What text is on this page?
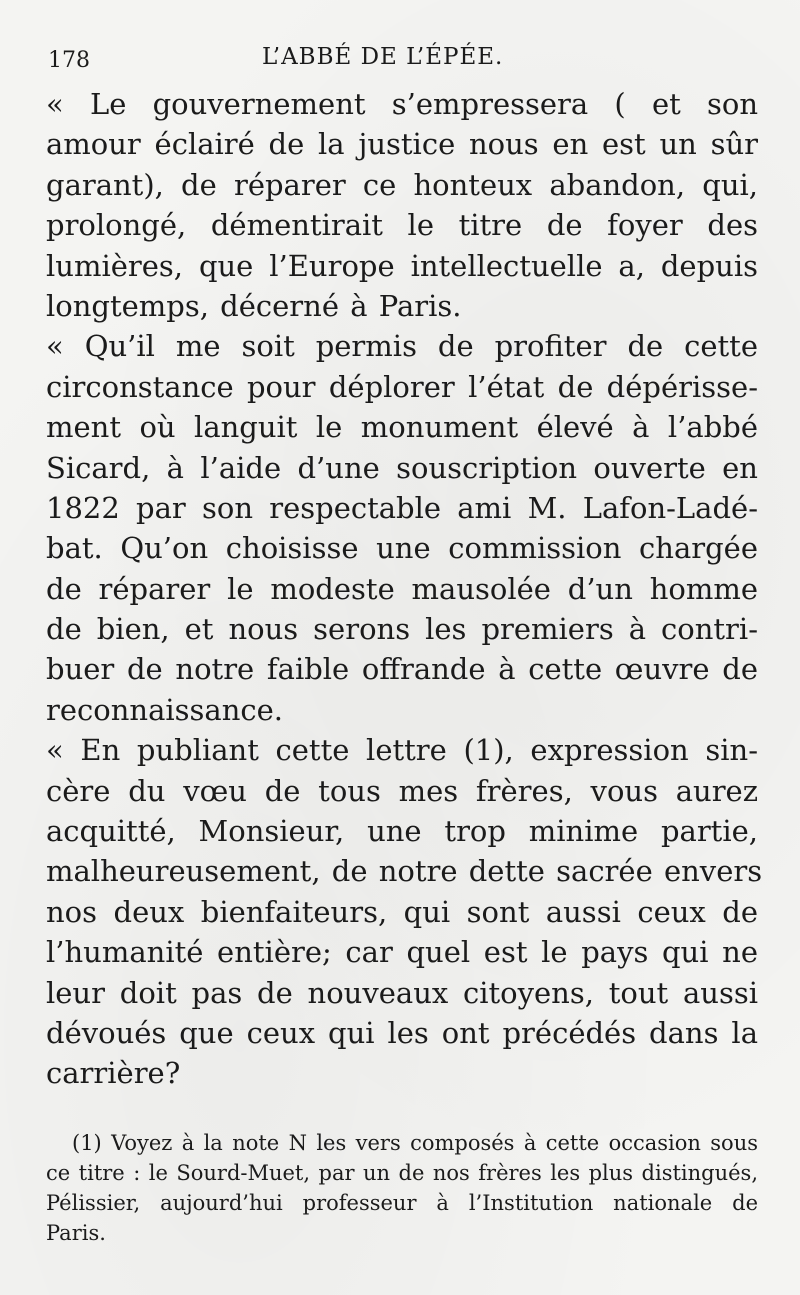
178	L’ABBÉ DE L’ÉPÉE.
« Le gouvernement s’empressera ( et son
amour éclairé de la justice nous en est un sûr
garant), de réparer ce honteux abandon, qui,
prolongé, démentirait le titre de foyer des
lumières, que l’Europe intellectuelle a, depuis
longtemps, décerné à Paris.
« Qu’il me soit permis de profiter de cette
circonstance pour déplorer l’état de dépérisse-
ment où languit le monument élevé à l’abbé
Sicard, à l’aide d’une souscription ouverte en
1822 par son respectable ami M. Lafon-Ladé-
bat. Qu’on choisisse une commission chargée
de réparer le modeste mausolée d’un homme
de bien, et nous serons les premiers à contri-
buer de notre faible offrande à cette œuvre de
reconnaissance.
« En publiant cette lettre (1), expression sin-
cère du vœu de tous mes frères, vous aurez
acquitté, Monsieur, une trop minime partie,
malheureusement, de notre dette sacrée envers
nos deux bienfaiteurs, qui sont aussi ceux de
l’humanité entière; car quel est le pays qui ne
leur doit pas de nouveaux citoyens, tout aussi
dévoués que ceux qui les ont précédés dans la
carrière?
(1) Voyez à la note N les vers composés à cette occasion sous
ce titre : le Sourd-Muet, par un de nos frères les plus distingués,
Pélissier, aujourd’hui professeur à l’Institution nationale de
Paris.
